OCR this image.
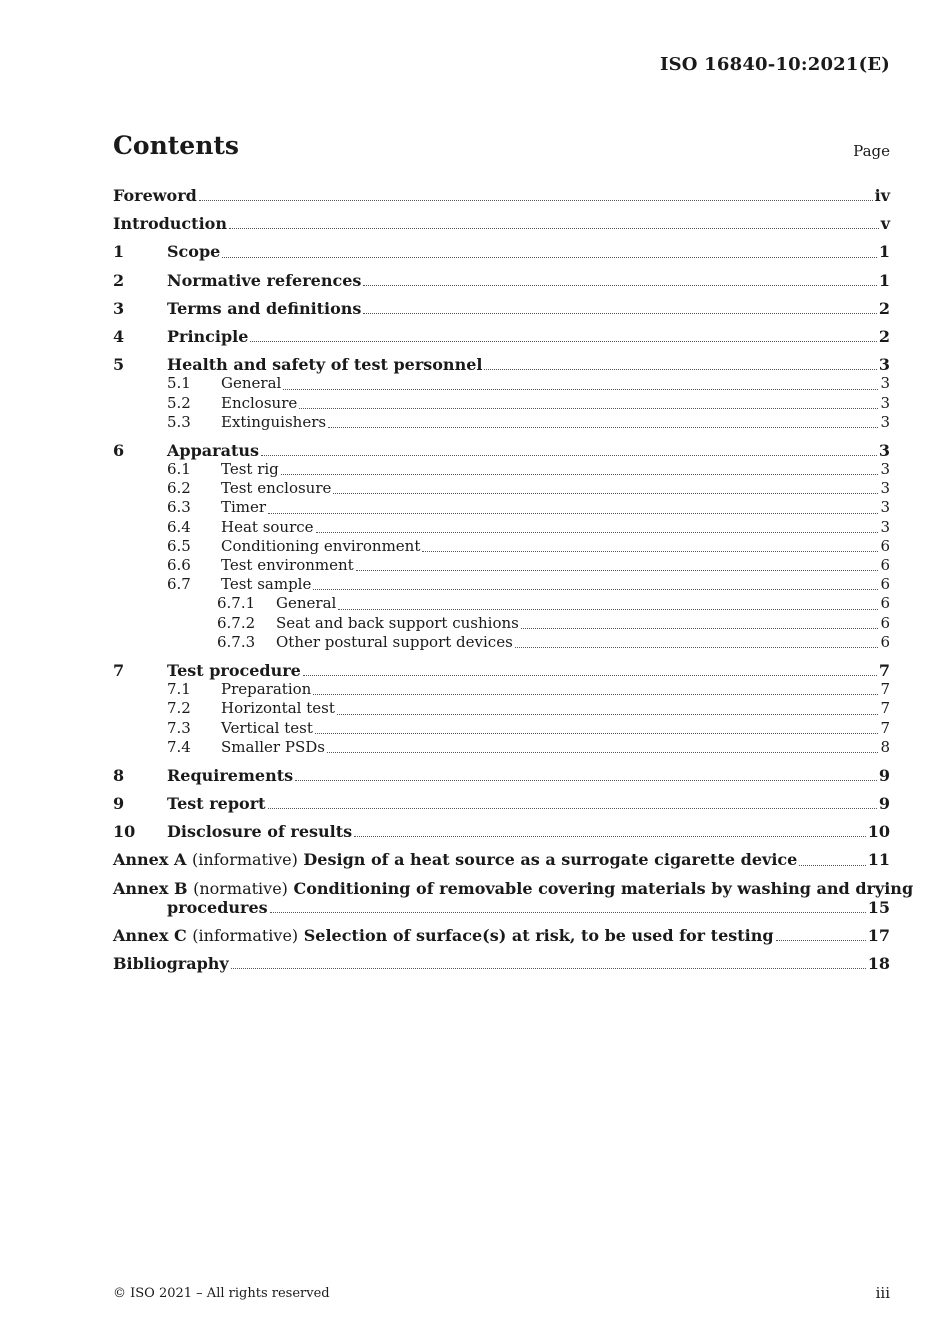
ISO 16840-10:2021(E)
Contents	Page
Foreword	iv
Introduction	v
1	Scope	1
2	Normative references	1
3	Terms and definitions	2
4	Principle	2
5	Health and safety of test personnel	3
5.1 General	3
5.2 Enclosure	3
5.3 Extinguishers	3
6	Apparatus	3
6.1 Test rig	3
6.2 Test enclosure	3
6.3 Timer	3
6.4 Heat source	3
6.5 Conditioning environment	6
6.6 Test environment	6
6.7 Test sample	6
6.7.1 General	6
6.7.2 Seat and back support cushions	6
6.7.3 Other postural support devices	6
7	Test procedure	7
7.1 Preparation	7
7.2 Horizontal test	7
7.3 Vertical test	7
7.4 Smaller PSDs	8
8	Requirements	9
9	Test report	9
10 Disclosure of results	10
Annex A (informative) Design of a heat source as a surrogate cigarette device	11
Annex B (normative) Conditioning of removable covering materials by washing and drying
procedures	15
Annex C (informative) Selection of surface(s) at risk, to be used for testing	17
Bibliography	18
© ISO 2021 – All rights reserved	iii
